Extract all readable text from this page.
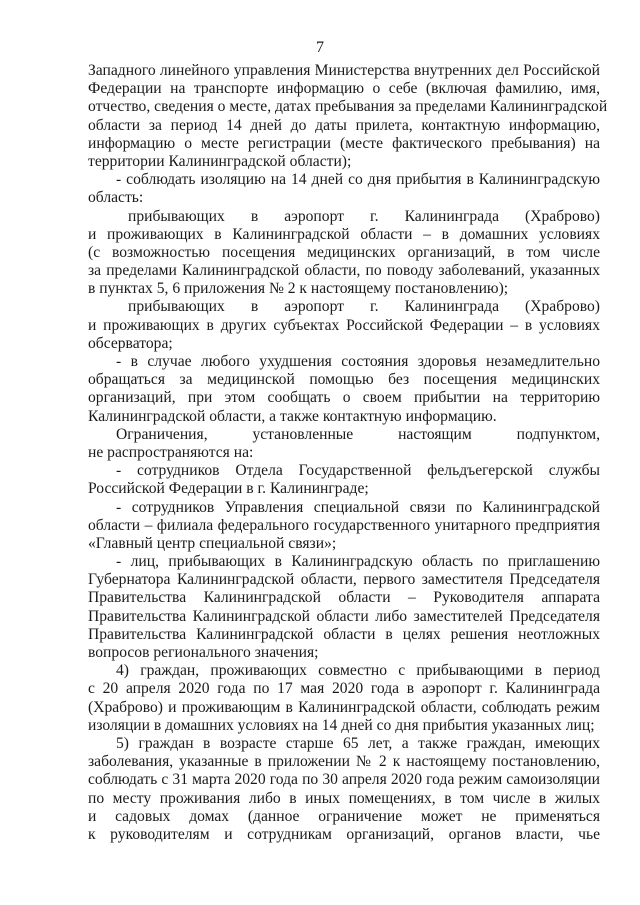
7
Западного линейного управления Министерства внутренних дел Российской
Федерации на транспорте информацию о себе (включая фамилию, имя,
отчество, сведения о месте, датах пребывания за пределами Калининградской
области за период 14 дней до даты прилета, контактную информацию,
информацию о месте регистрации (месте фактического пребывания) на
территории Калининградской области);
- соблюдать изоляцию на 14 дней со дня прибытия в Калининградскую
область:
прибывающих в аэропорт г. Калининграда (Храброво)
и проживающих в Калининградской области – в домашних условиях
(с возможностью посещения медицинских организаций, в том числе
за пределами Калининградской области, по поводу заболеваний, указанных
в пунктах 5, 6 приложения № 2 к настоящему постановлению);
прибывающих в аэропорт г. Калининграда (Храброво)
и проживающих в других субъектах Российской Федерации – в условиях
обсерватора;
- в случае любого ухудшения состояния здоровья незамедлительно
обращаться за медицинской помощью без посещения медицинских
организаций, при этом сообщать о своем прибытии на территорию
Калининградской области, а также контактную информацию.
Ограничения, установленные настоящим подпунктом,
не распространяются на:
- сотрудников Отдела Государственной фельдъегерской службы
Российской Федерации в г. Калининграде;
- сотрудников Управления специальной связи по Калининградской
области – филиала федерального государственного унитарного предприятия
«Главный центр специальной связи»;
- лиц, прибывающих в Калининградскую область по приглашению
Губернатора Калининградской области, первого заместителя Председателя
Правительства Калининградской области – Руководителя аппарата
Правительства Калининградской области либо заместителей Председателя
Правительства Калининградской области в целях решения неотложных
вопросов регионального значения;
4) граждан, проживающих совместно с прибывающими в период
с 20 апреля 2020 года по 17 мая 2020 года в аэропорт г. Калининграда
(Храброво) и проживающим в Калининградской области, соблюдать режим
изоляции в домашних условиях на 14 дней со дня прибытия указанных лиц;
5) граждан в возрасте старше 65 лет, а также граждан, имеющих
заболевания, указанные в приложении № 2 к настоящему постановлению,
соблюдать с 31 марта 2020 года по 30 апреля 2020 года режим самоизоляции
по месту проживания либо в иных помещениях, в том числе в жилых
и садовых домах (данное ограничение может не применяться
к руководителям и сотрудникам организаций, органов власти, чье
